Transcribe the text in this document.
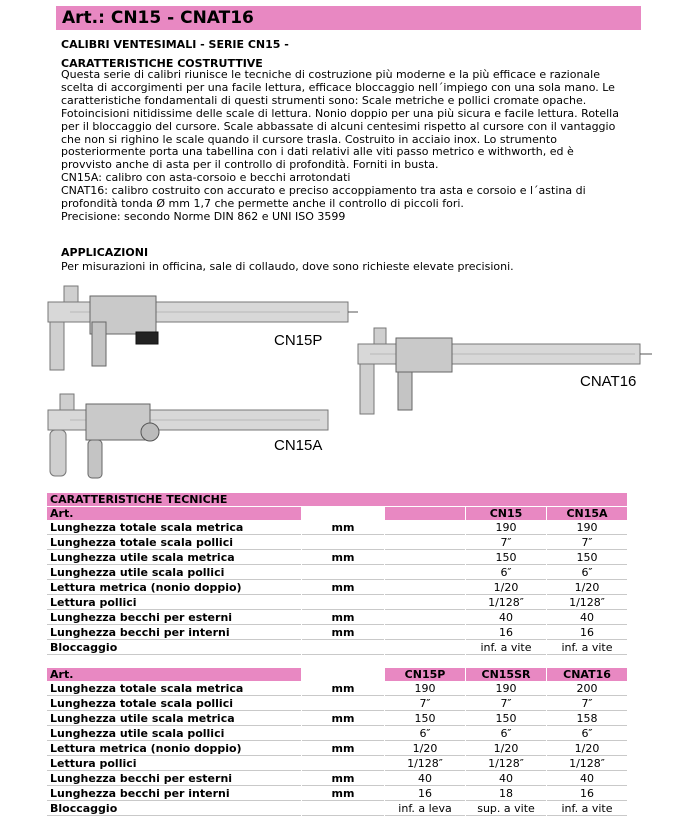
Art.: CN15 - CNAT16
CALIBRI VENTESIMALI - SERIE CN15 -
CARATTERISTICHE COSTRUTTIVE
Questa serie di calibri riunisce le tecniche di costruzione più moderne e la più efficace e razionale
scelta di accorgimenti per una facile lettura, efficace bloccaggio nell´impiego con una sola mano. Le
caratteristiche fondamentali di questi strumenti sono: Scale metriche e pollici cromate opache.
Fotoincisioni nitidissime delle scale di lettura. Nonio doppio per una più sicura e facile lettura. Rotella
per il bloccaggio del cursore. Scale abbassate di alcuni centesimi rispetto al cursore con il vantaggio
che non si righino le scale quando il cursore trasla. Costruito in acciaio inox. Lo strumento
posteriormente porta una tabellina con i dati relativi alle viti passo metrico e withworth, ed è
provvisto anche di asta per il controllo di profondità. Forniti in busta.
CN15A: calibro con asta-corsoio e becchi arrotondati
CNAT16: calibro costruito con accurato e preciso accoppiamento tra asta e corsoio e l´astina di
profondità tonda Ø mm 1,7 che permette anche il controllo di piccoli fori.
Precisione: secondo Norme DIN 862 e UNI ISO 3599
APPLICAZIONI
Per misurazioni in officina, sale di collaudo, dove sono richieste elevate precisioni.
CN15P
CNAT16
CN15A
CARATTERISTICHE TECNICHE				
Art.			CN15	CN15A
Lunghezza totale scala metrica	mm		190	190
Lunghezza totale scala pollici			7″	7″
Lunghezza utile scala metrica	mm		150	150
Lunghezza utile scala pollici			6″	6″
Lettura metrica (nonio doppio)	mm		1/20	1/20
Lettura pollici			1/128″	1/128″
Lunghezza becchi per esterni	mm		40	40
Lunghezza becchi per interni	mm		16	16
Bloccaggio			inf. a vite	inf. a vite
Art.		CN15P	CN15SR	CNAT16
Lunghezza totale scala metrica	mm	190	190	200
Lunghezza totale scala pollici		7″	7″	7″
Lunghezza utile scala metrica	mm	150	150	158
Lunghezza utile scala pollici		6″	6″	6″
Lettura metrica (nonio doppio)	mm	1/20	1/20	1/20
Lettura pollici		1/128″	1/128″	1/128″
Lunghezza becchi per esterni	mm	40	40	40
Lunghezza becchi per interni	mm	16	18	16
Bloccaggio		inf. a leva	sup. a vite	inf. a vite
